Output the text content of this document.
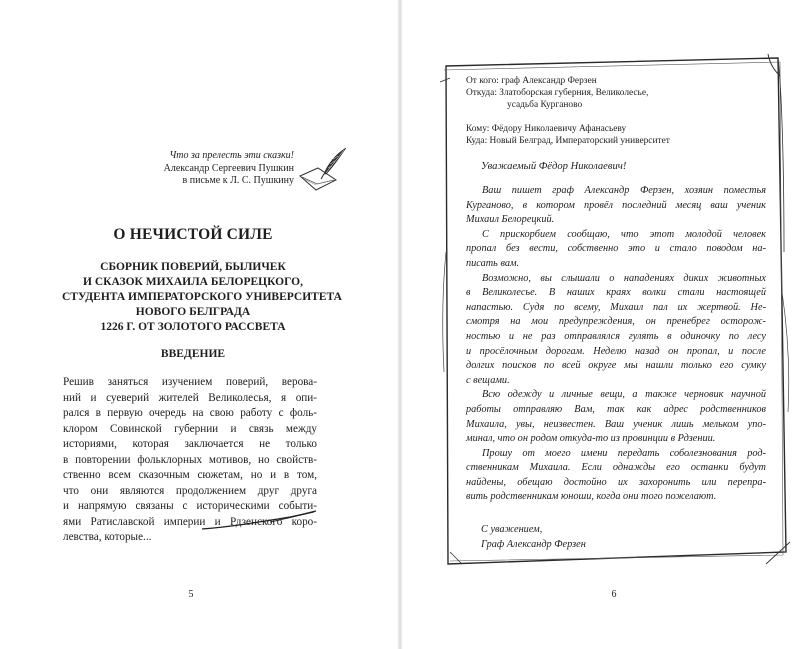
Что за прелесть эти сказки!
Александр Сергеевич Пушкин
в письме к Л. С. Пушкину
О НЕЧИСТОЙ СИЛЕ
СБОРНИК ПОВЕРИЙ, БЫЛИЧЕК
И СКАЗОК МИХАИЛА БЕЛОРЕЦКОГО,
СТУДЕНТА ИМПЕРАТОРСКОГО УНИВЕРСИТЕТА
НОВОГО БЕЛГРАДА
1226 Г. ОТ ЗОЛОТОГО РАССВЕТА
ВВЕДЕНИЕ
Решив заняться изучением поверий, верова-
ний и суеверий жителей Великолесья, я опи-
рался в первую очередь на свою работу с фоль-
клором Совинской губернии и связь между
историями, которая заключается не только
в повторении фольклорных мотивов, но свойств-
ственно всем сказочным сюжетам, но и в том,
что они являются продолжением друг друга
и напрямую связаны с историческими событи-
ями Ратиславской империи и Рдзенского коро-
левства, которые...
5
От кого: граф Александр Ферзен
Откуда: Златоборская губерния, Великолесье,
усадьба Курганово
Кому: Фёдору Николаевичу Афанасьеву
Куда: Новый Белград, Императорский университет
Уважаемый Фёдор Николаевич!
Ваш пишет граф Александр Ферзен, хозяин поместья
Курганово, в котором провёл последний месяц ваш ученик
Михаил Белорецкий.
С прискорбием сообщаю, что этот молодой человек
пропал без вести, собственно это и стало поводом на-
писать вам.
Возможно, вы слышали о нападениях диких животных
в Великолесье. В наших краях волки стали настоящей
напастью. Судя по всему, Михаил пал их жертвой. Не-
смотря на мои предупреждения, он пренебрег осторож-
ностью и не раз отправлялся гулять в одиночку по лесу
и просёлочным дорогам. Неделю назад он пропал, и после
долгих поисков по всей округе мы нашли только его сумку
с вещами.
Всю одежду и личные вещи, а также черновик научной
работы отправляю Вам, так как адрес родственников
Михаила, увы, неизвестен. Ваш ученик лишь мельком упо-
минал, что он родом откуда-то из провинции в Рдзении.
Прошу от моего имени передать соболезнования род-
ственникам Михаила. Если однажды его останки будут
найдены, обещаю достойно их захоронить или перепра-
вить родственникам юноши, когда они того пожелают.
С уважением,
Граф Александр Ферзен
6
